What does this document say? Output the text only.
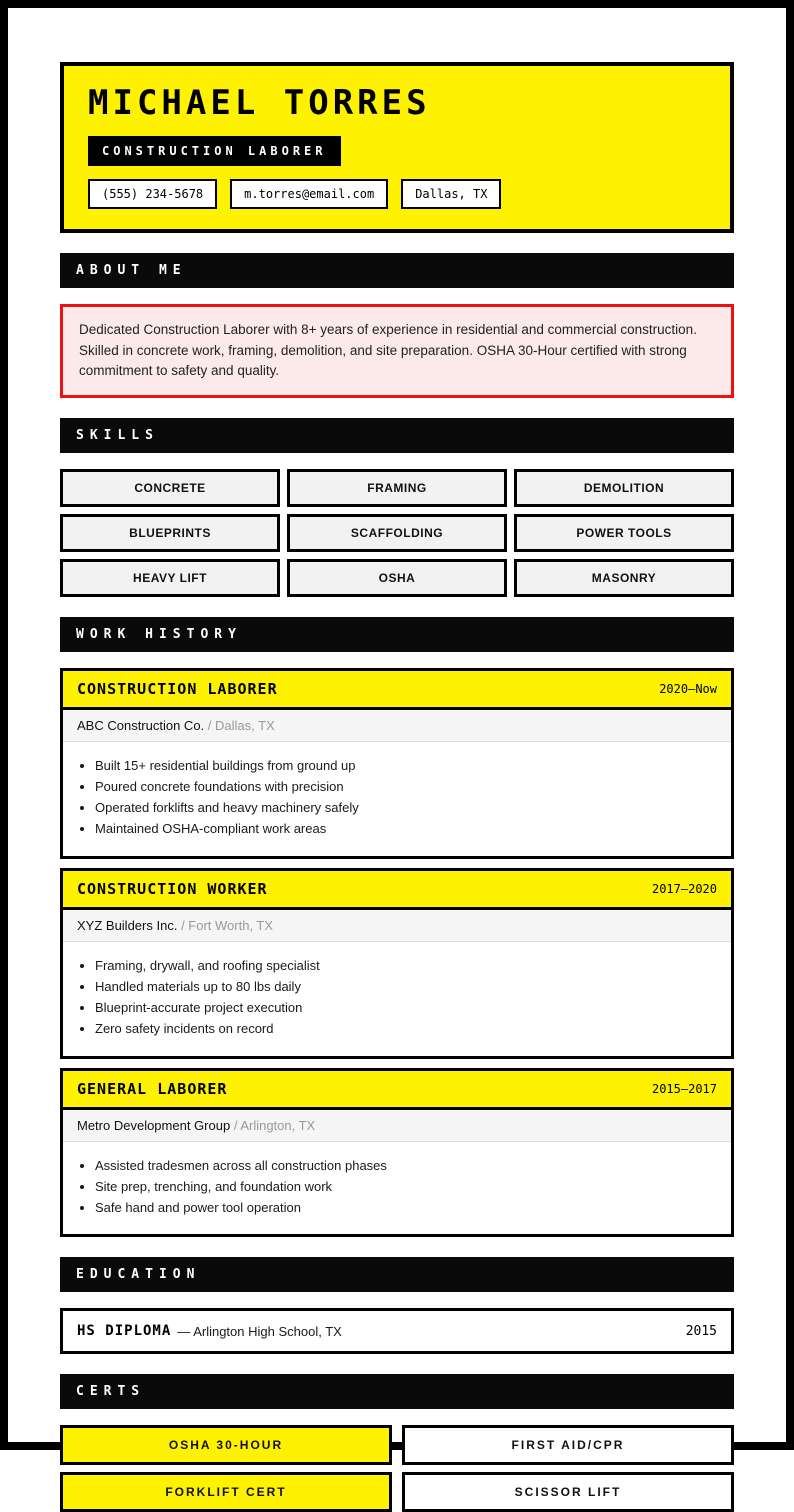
MICHAEL TORRES
CONSTRUCTION LABORER
(555) 234-5678	m.torres@email.com	Dallas, TX
ABOUT ME
Dedicated Construction Laborer with 8+ years of experience in residential and commercial construction. Skilled in concrete work, framing, demolition, and site preparation. OSHA 30-Hour certified with strong commitment to safety and quality.
SKILLS
CONCRETE	FRAMING	DEMOLITION
BLUEPRINTS	SCAFFOLDING	POWER TOOLS
HEAVY LIFT	OSHA	MASONRY
WORK HISTORY
CONSTRUCTION LABORER	2020—Now
ABC Construction Co. / Dallas, TX
• Built 15+ residential buildings from ground up
• Poured concrete foundations with precision
• Operated forklifts and heavy machinery safely
• Maintained OSHA-compliant work areas
CONSTRUCTION WORKER	2017—2020
XYZ Builders Inc. / Fort Worth, TX
• Framing, drywall, and roofing specialist
• Handled materials up to 80 lbs daily
• Blueprint-accurate project execution
• Zero safety incidents on record
GENERAL LABORER	2015—2017
Metro Development Group / Arlington, TX
• Assisted tradesmen across all construction phases
• Site prep, trenching, and foundation work
• Safe hand and power tool operation
EDUCATION
HS DIPLOMA — Arlington High School, TX	2015
CERTS
OSHA 30-HOUR	FIRST AID/CPR
FORKLIFT CERT	SCISSOR LIFT
